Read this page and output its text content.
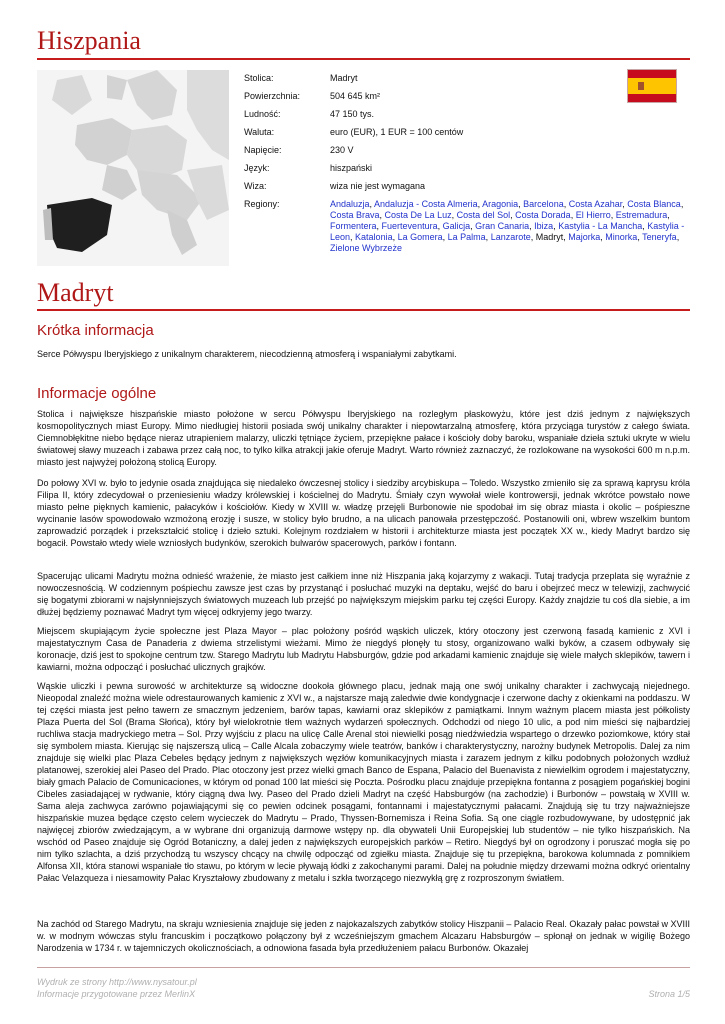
Hiszpania
Stolica:	Madryt
Powierzchnia:	504 645 km²
Ludność:	47 150 tys.
Waluta:	euro (EUR), 1 EUR = 100 centów
Napięcie:	230 V
Język:	hiszpański
Wiza:	wiza nie jest wymagana
Regiony:	Andaluzja, Andaluzja - Costa Almeria, Aragonia, Barcelona, Costa Azahar, Costa Blanca, Costa Brava, Costa De La Luz, Costa del Sol, Costa Dorada, El Hierro, Estremadura, Formentera, Fuerteventura, Galicja, Gran Canaria, Ibiza, Kastylia - La Mancha, Kastylia - Leon, Katalonia, La Gomera, La Palma, Lanzarote, Madryt, Majorka, Minorka, Teneryfa, Zielone Wybrzeże
Madryt
Krótka informacja

Serce Półwyspu Iberyjskiego z unikalnym charakterem, niecodzienną atmosferą i wspaniałymi zabytkami.

Informacje ogólne

Stolica i największe hiszpańskie miasto położone w sercu Półwyspu Iberyjskiego na rozległym płaskowyżu, które jest dziś jednym z największych kosmopolitycznych miast Europy. Mimo niedługiej historii posiada swój unikalny charakter i niepowtarzalną atmosferę, która przyciąga turystów z całego świata. Ciemnobłękitne niebo będące nieraz utrapieniem malarzy, uliczki tętniące życiem, przepiękne pałace i kościoły doby baroku, wspaniałe dzieła sztuki ukryte w wielu światowej sławy muzeach i zabawa przez całą noc, to tylko kilka atrakcji jakie oferuje Madryt. Warto również zaznaczyć, że rozlokowane na wysokości 600 m n.p.m. miasto jest najwyżej położoną stolicą Europy.

Do połowy XVI w. było to jedynie osada znajdująca się niedaleko ówczesnej stolicy i siedziby arcybiskupa – Toledo. Wszystko zmieniło się za sprawą kaprysu króla Filipa II, który zdecydował o przeniesieniu władzy królewskiej i kościelnej do Madrytu. Śmiały czyn wywołał wiele kontrowersji, jednak wkrótce powstało nowe miasto pełne pięknych kamienic, pałacyków i kościołów. Kiedy w XVIII w. władzę przejęli Burbonowie nie spodobał im się obraz miasta i okolic – pośpieszne wycinanie lasów spowodowało wzmożoną erozję i susze, w stolicy było brudno, a na ulicach panowała przestępczość. Postanowili oni, wbrew wszelkim buntom zaprowadzić porządek i przekształcić stolicę i dzieło sztuki. Kolejnym rozdziałem w historii i architekturze miasta jest początek XX w., kiedy Madryt bardzo się bogacił. Powstało wtedy wiele wzniosłych budynków, szerokich bulwarów spacerowych, parków i fontann.

Spacerując ulicami Madrytu można odnieść wrażenie, że miasto jest całkiem inne niż Hiszpania jaką kojarzymy z wakacji. Tutaj tradycja przeplata się wyraźnie z nowoczesnością. W codziennym pośpiechu zawsze jest czas by przystanąć i posłuchać muzyki na deptaku, wejść do baru i obejrzeć mecz w telewizji, zachwycić się bogatymi zbiorami w najsłynniejszych światowych muzeach lub przejść po największym miejskim parku tej części Europy. Każdy znajdzie tu coś dla siebie, a im dłużej będziemy poznawać Madryt tym więcej odkryjemy jego twarzy.

Miejscem skupiającym życie społeczne jest Plaza Mayor – plac położony pośród wąskich uliczek, który otoczony jest czerwoną fasadą kamienic z XVI i majestatycznym Casa de Panaderia z dwiema strzelistymi wieżami. Mimo że niegdyś płonęły tu stosy, organizowano walki byków, a czasem odbywały się koronacje, dziś jest to spokojne centrum tzw. Starego Madrytu lub Madrytu Habsburgów, gdzie pod arkadami kamienic znajduje się wiele małych sklepików, tawern i kawiarni, można odpocząć i posłuchać ulicznych grajków.

Wąskie uliczki i pewna surowość w architekturze są widoczne dookoła głównego placu, jednak mają one swój unikalny charakter i zachwycają niejednego. Nieopodal znaleźć można wiele odrestaurowanych kamienic z XVI w., a najstarsze mają zaledwie dwie kondygnacje i czerwone dachy z okienkami na poddaszu. W tej części miasta jest pełno tawern ze smacznym jedzeniem, barów tapas, kawiarni oraz sklepików z pamiątkami. Innym ważnym placem miasta jest półkolisty Plaza Puerta del Sol (Brama Słońca), który był wielokrotnie tłem ważnych wydarzeń społecznych. Odchodzi od niego 10 ulic, a pod nim mieści się najbardziej ruchliwa stacja madryckiego metra – Sol. Przy wyjściu z placu na ulicę Calle Arenal stoi niewielki posąg niedźwiedzia wspartego o drzewko poziomkowe, który stał się symbolem miasta. Kierując się najszerszą ulicą – Calle Alcala zobaczymy wiele teatrów, banków i charakterystyczny, narożny budynek Metropolis. Dalej za nim znajduje się wielki plac Plaza Cebeles będący jednym z największych węzłów komunikacyjnych miasta i zarazem jednym z kilku podobnych położonych wzdłuż platanowej, szerokiej alei Paseo del Prado. Plac otoczony jest przez wielki gmach Banco de Espana, Palacio del Buenavista z niewielkim ogrodem i majestatyczny, biały gmach Palacio de Comunicaciones, w którym od ponad 100 lat mieści się Poczta. Pośrodku placu znajduje przepiękna fontanna z posągiem pogańskiej bogini Cibeles zasiadającej w rydwanie, który ciągną dwa lwy. Paseo del Prado dzieli Madryt na część Habsburgów (na zachodzie) i Burbonów – powstałą w XVIII w. Sama aleja zachwyca zarówno pojawiającymi się co pewien odcinek posągami, fontannami i majestatycznymi pałacami. Znajdują się tu trzy najważniejsze hiszpańskie muzea będące często celem wycieczek do Madrytu – Prado, Thyssen-Bornemisza i Reina Sofia. Są one ciągle rozbudowywane, by udostępnić jak najwięcej zbiorów zwiedzającym, a w wybrane dni organizują darmowe wstępy np. dla obywateli Unii Europejskiej lub studentów – nie tylko hiszpańskich. Na wschód od Paseo znajduje się Ogród Botaniczny, a dalej jeden z największych europejskich parków – Retiro. Niegdyś był on ogrodzony i poruszać mogła się po nim tylko szlachta, a dziś przychodzą tu wszyscy chcący na chwilę odpocząć od zgiełku miasta. Znajduje się tu przepiękna, barokowa kolumnada z pomnikiem Alfonsa XII, która stanowi wspaniałe tło stawu, po którym w lecie pływają łódki z zakochanymi parami. Dalej na południe między drzewami można odkryć orientalny Pałac Velazqueza i niesamowity Pałac Kryształowy zbudowany z metalu i szkła tworzącego niezwykłą grę z rozproszonym światłem.

Na zachód od Starego Madrytu, na skraju wzniesienia znajduje się jeden z najokazalszych zabytków stolicy Hiszpanii – Palacio Real. Okazały pałac powstał w XVIII w. w modnym wówczas stylu francuskim i początkowo połączony był z wcześniejszym gmachem Alcazaru Habsburgów – spłonął on jednak w wigilię Bożego Narodzenia w 1734 r. w tajemniczych okolicznościach, a odnowiona fasada była przedłużeniem pałacu Burbonów. Okazałej

Wydruk ze strony http://www.nysatour.pl
Informacje przygotowane przez MerlinX	Strona 1/5
